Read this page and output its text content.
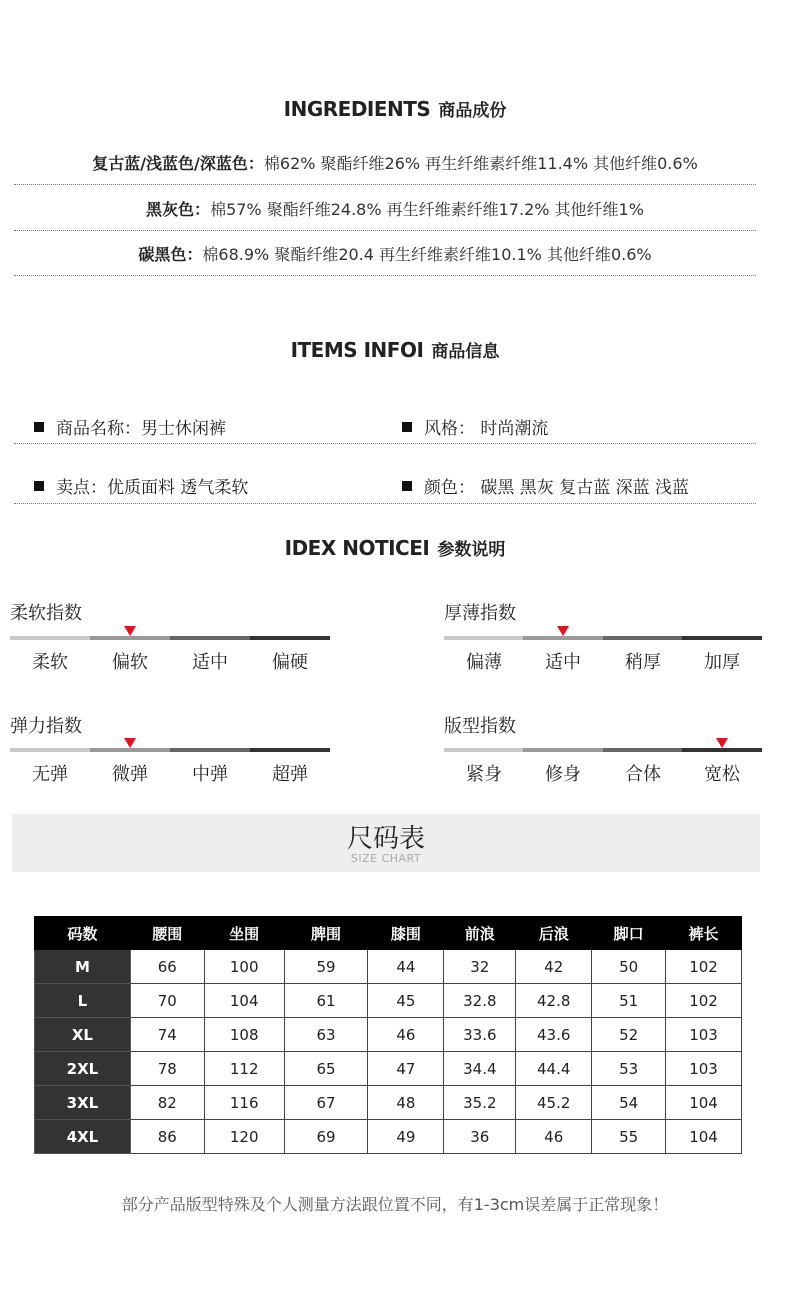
INGREDIENTS 商品成份
复古蓝/浅蓝色/深蓝色：棉62% 聚酯纤维26% 再生纤维素纤维11.4% 其他纤维0.6%
黑灰色：棉57% 聚酯纤维24.8% 再生纤维素纤维17.2% 其他纤维1%
碳黑色：棉68.9% 聚酯纤维20.4 再生纤维素纤维10.1% 其他纤维0.6%
ITEMS INFOI 商品信息
商品名称：男士休闲裤	风格： 时尚潮流
卖点：优质面料 透气柔软	颜色： 碳黑 黑灰 复古蓝 深蓝 浅蓝
IDEX NOTICEI 参数说明
柔软指数
柔软	偏软	适中	偏硬
厚薄指数
偏薄	适中	稍厚	加厚
弹力指数
无弹	微弹	中弹	超弹
版型指数
紧身	修身	合体	宽松
尺码表
SIZE CHART
码数	腰围	坐围	脾围	膝围	前浪	后浪	脚口	裤长
M	66	100	59	44	32	42	50	102
L	70	104	61	45	32.8	42.8	51	102
XL	74	108	63	46	33.6	43.6	52	103
2XL	78	112	65	47	34.4	44.4	53	103
3XL	82	116	67	48	35.2	45.2	54	104
4XL	86	120	69	49	36	46	55	104
部分产品版型特殊及个人测量方法跟位置不同，有1-3cm误差属于正常现象！
